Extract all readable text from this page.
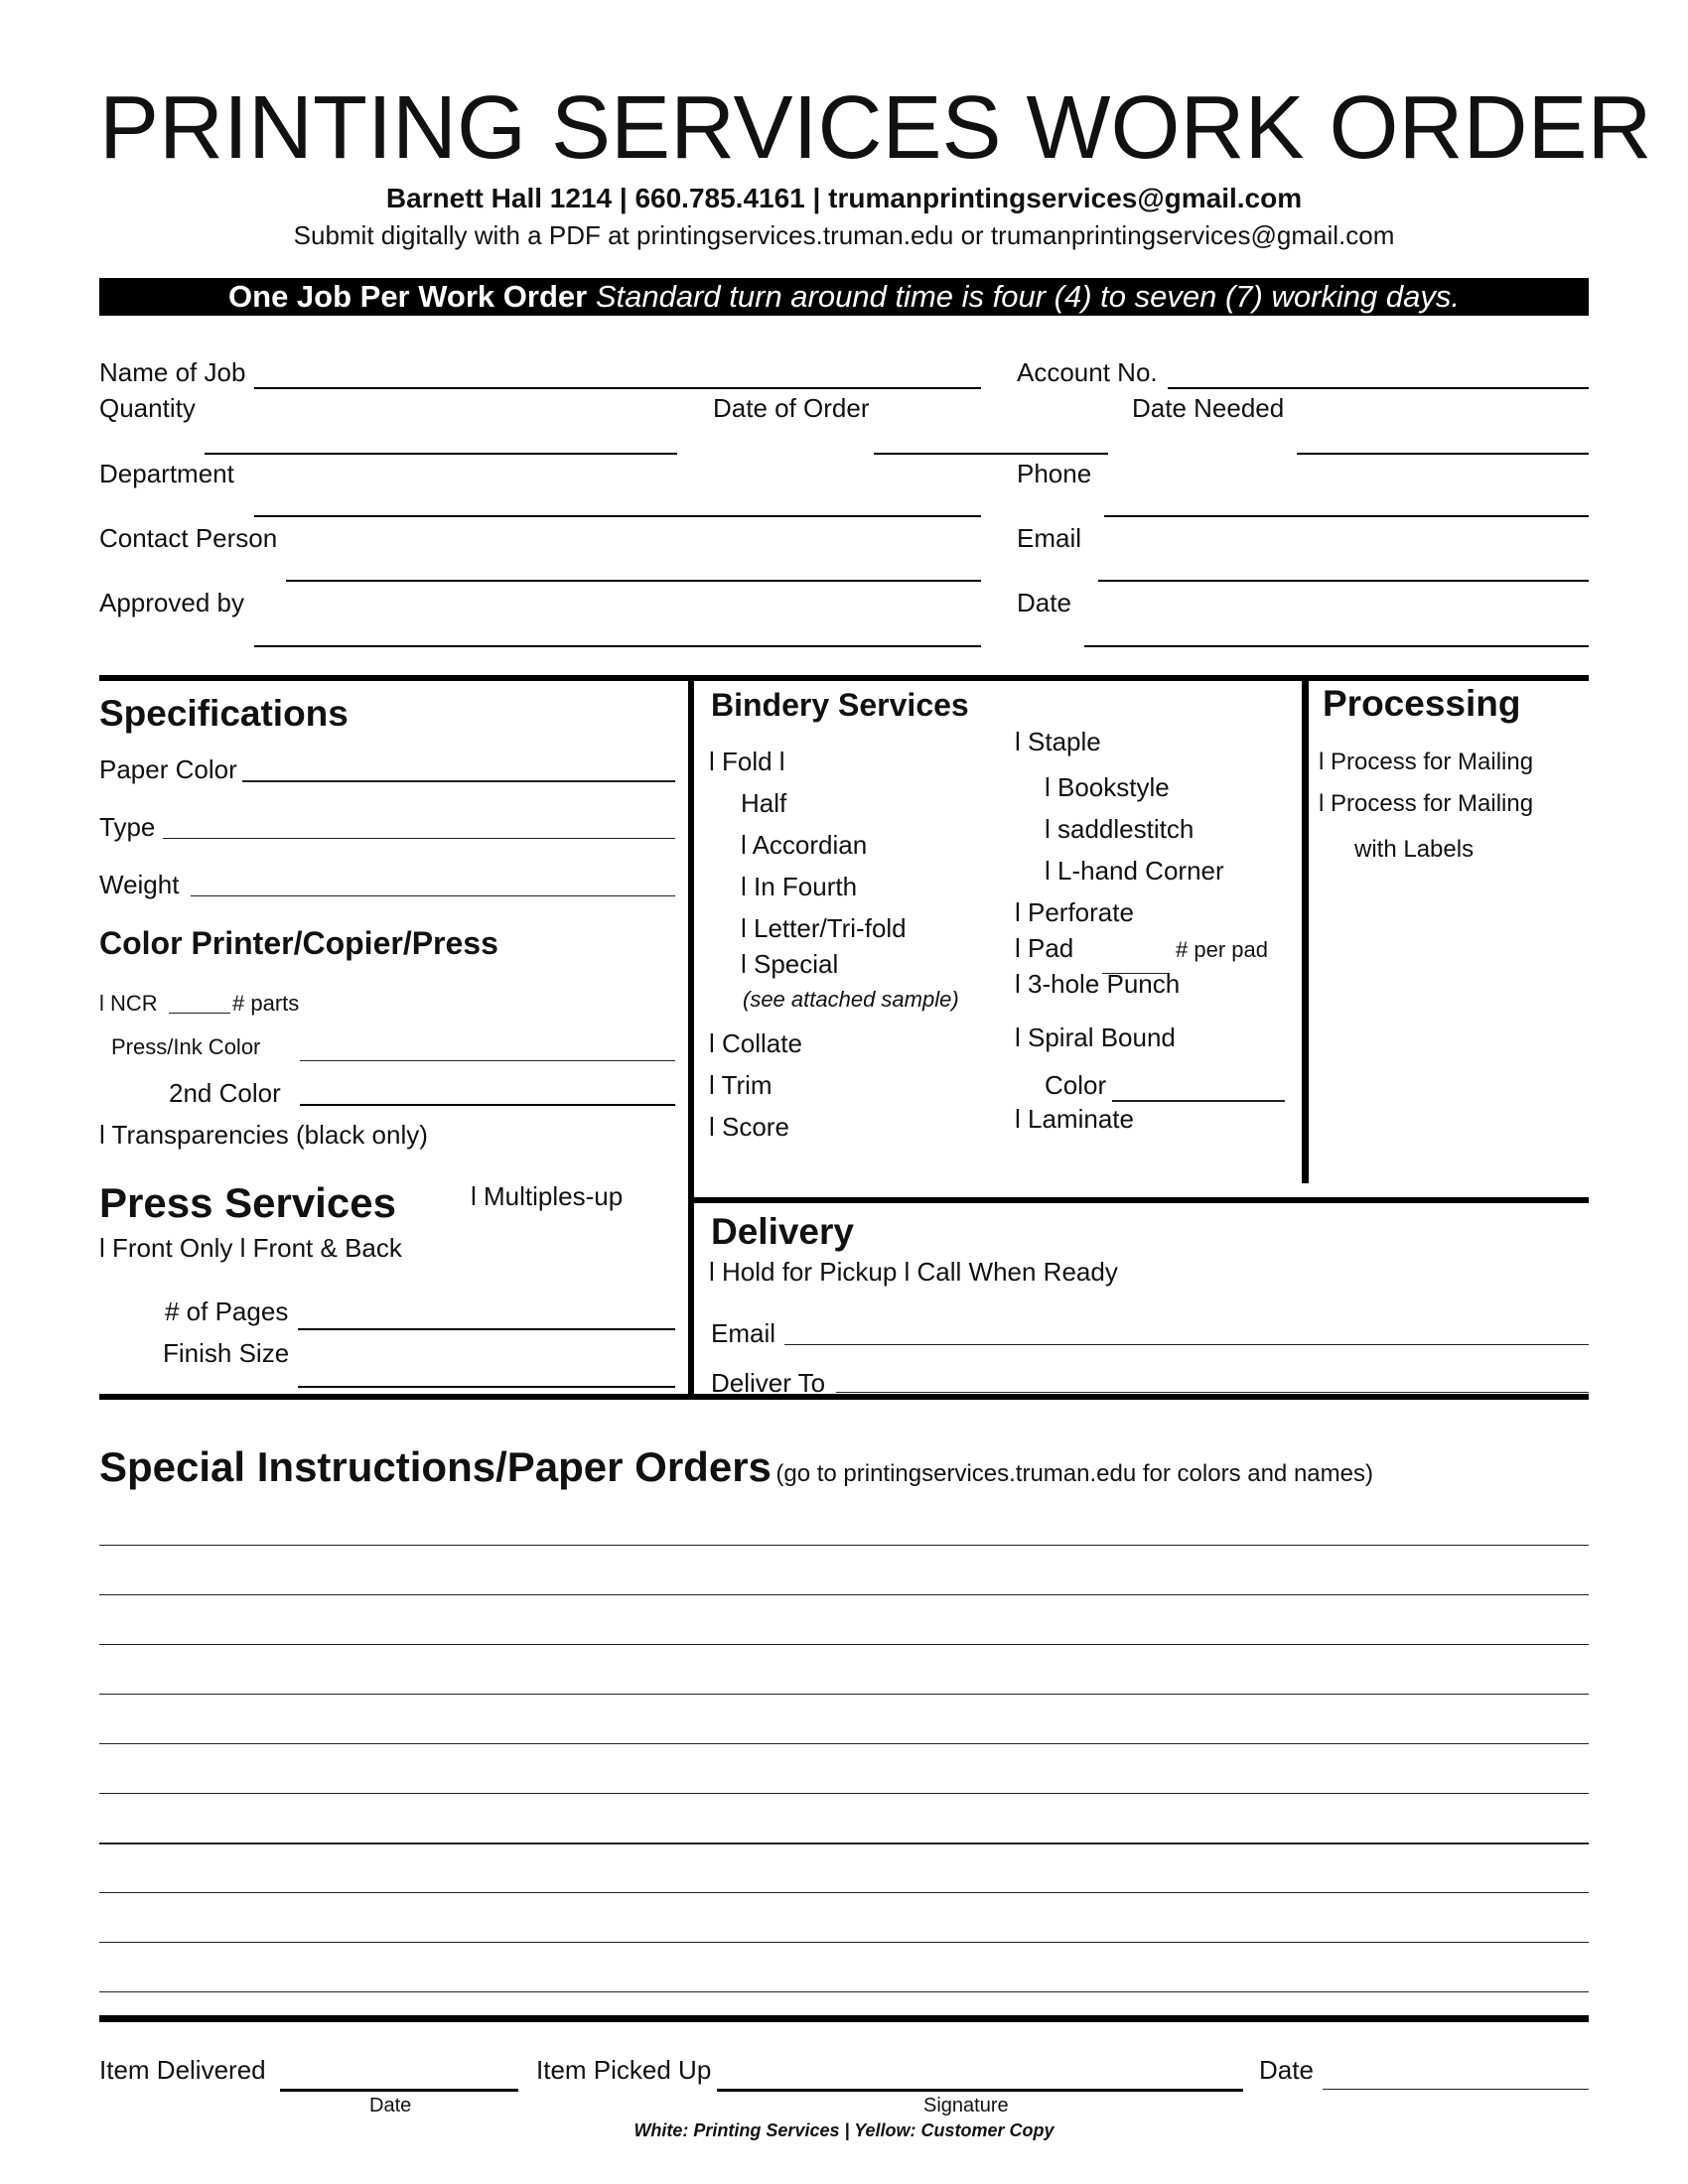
PRINTING SERVICES WORK ORDER
Barnett Hall 1214 | 660.785.4161 | trumanprintingservices@gmail.com
Submit digitally with a PDF at printingservices.truman.edu or trumanprintingservices@gmail.com
One Job Per Work Order Standard turn around time is four (4) to seven (7) working days.
Name of Job	Account No.
Quantity	Date of Order	Date Needed
Department	Phone
Contact Person	Email
Approved by	Date
Specifications
Paper Color
Type
Weight
Color Printer/Copier/Press
l NCR	# parts
Press/Ink Color
2nd Color
l Transparencies (black only)
Press Services	l Multiples-up
l Front Only l Front & Back
# of Pages
Finish Size
Bindery Services
l Fold l
Half
l Accordian
l In Fourth
l Letter/Tri-fold
l Special
(see attached sample)
l Collate
l Trim
l Score
l Staple
l Bookstyle
l saddlestitch
l L-hand Corner
l Perforate
l Pad	# per pad
l 3-hole Punch
l Spiral Bound
Color
l Laminate
Processing
l Process for Mailing
l Process for Mailing
with Labels
Delivery
l Hold for Pickup l Call When Ready
Email
Deliver To
Special Instructions/Paper Orders (go to printingservices.truman.edu for colors and names)
Item Delivered
Date
Item Picked Up
Signature
Date
White: Printing Services | Yellow: Customer Copy
